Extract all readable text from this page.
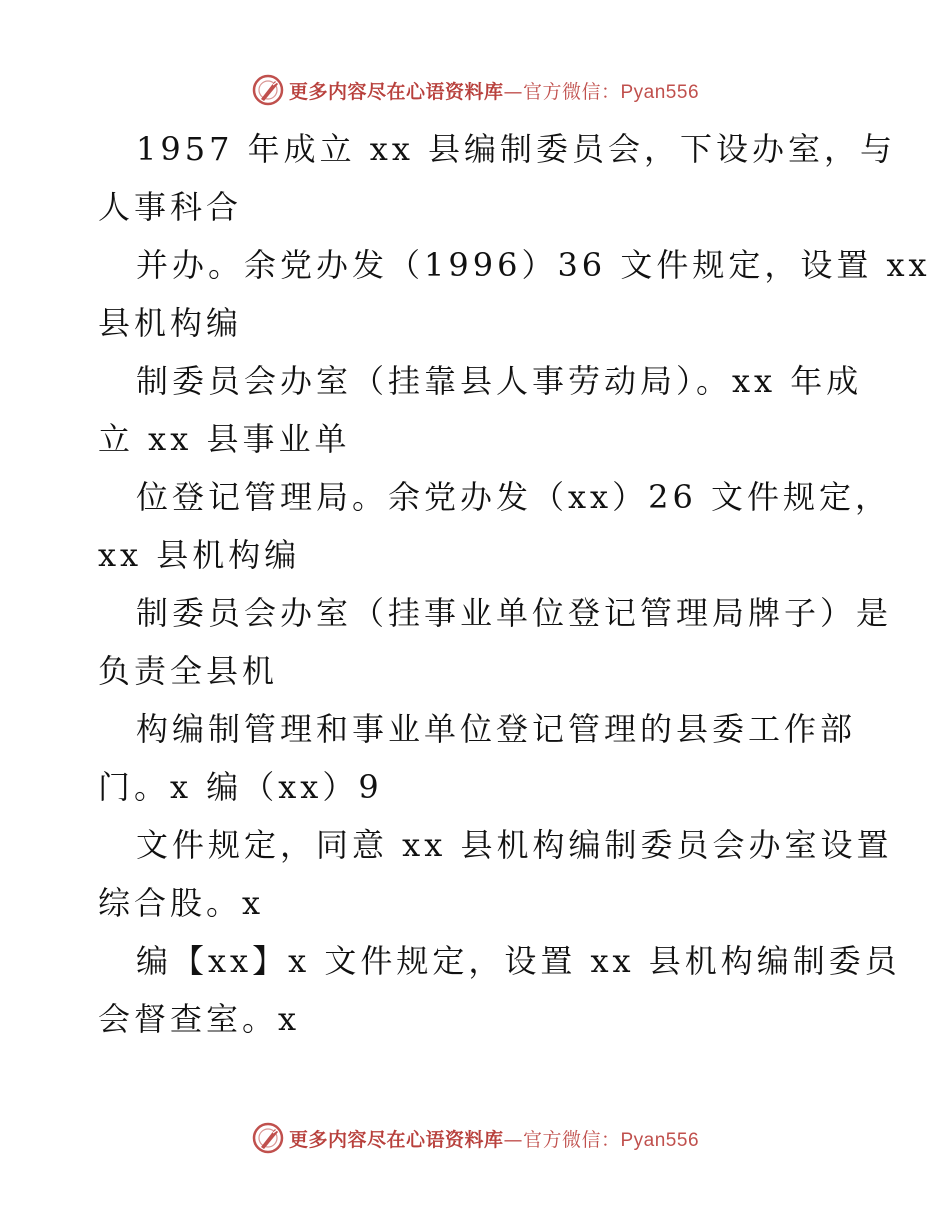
更多内容尽在心语资料库—官方微信：Pyan556
1957 年成立 xx 县编制委员会，下设办室，与
人事科合
并办。余党办发（1996）36 文件规定，设置 xx
县机构编
制委员会办室（挂靠县人事劳动局）。xx 年成
立 xx 县事业单
位登记管理局。余党办发（xx）26 文件规定，
xx 县机构编
制委员会办室（挂事业单位登记管理局牌子）是
负责全县机
构编制管理和事业单位登记管理的县委工作部
门。x 编（xx）9
文件规定，同意 xx 县机构编制委员会办室设置
综合股。x
编【xx】x 文件规定，设置 xx 县机构编制委员
会督查室。x
更多内容尽在心语资料库—官方微信：Pyan556
